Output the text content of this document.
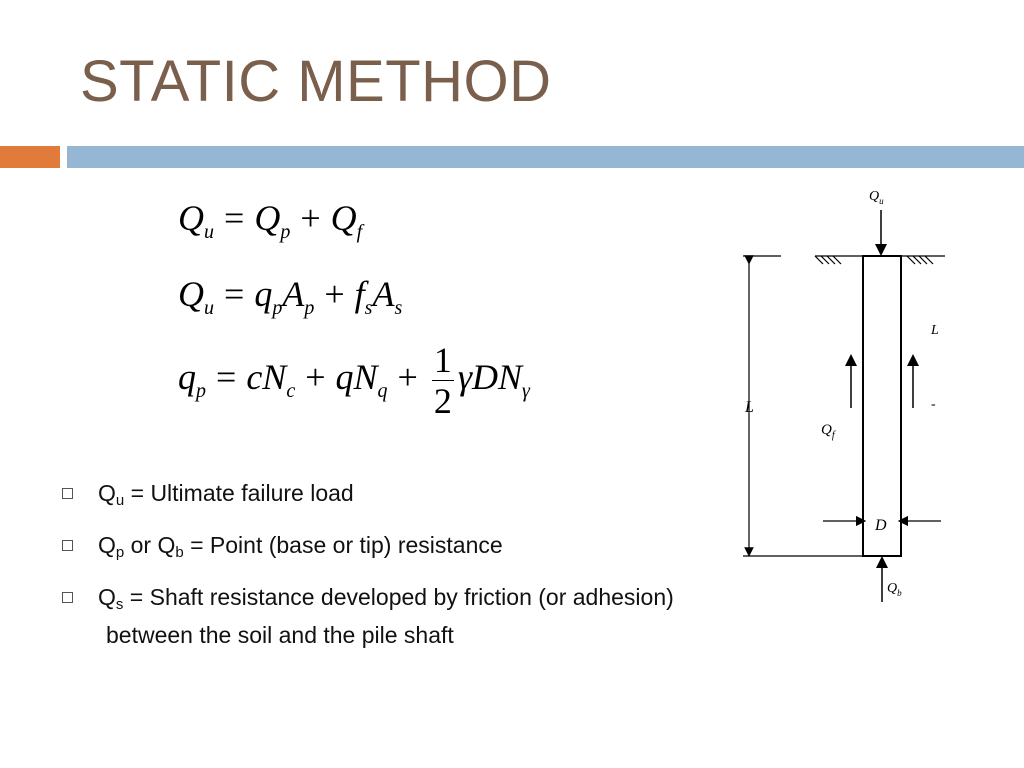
STATIC METHOD
$Q_u = Q_p + Q_f$
$Q_u = q_pA_p + f_sA_s$
$q_p = cN_c + qN_q + \frac{1}{2} \gamma DN_\gamma$
$Q_u$ = Ultimate failure load
$Q_p$ or $Q_b$ = Point (base or tip) resistance
$Q_s$ = Shaft resistance developed by friction (or adhesion)
between the soil and the pile shaft
$Q_u$
L
$Q_f$
L
-
D
$Q_b$
